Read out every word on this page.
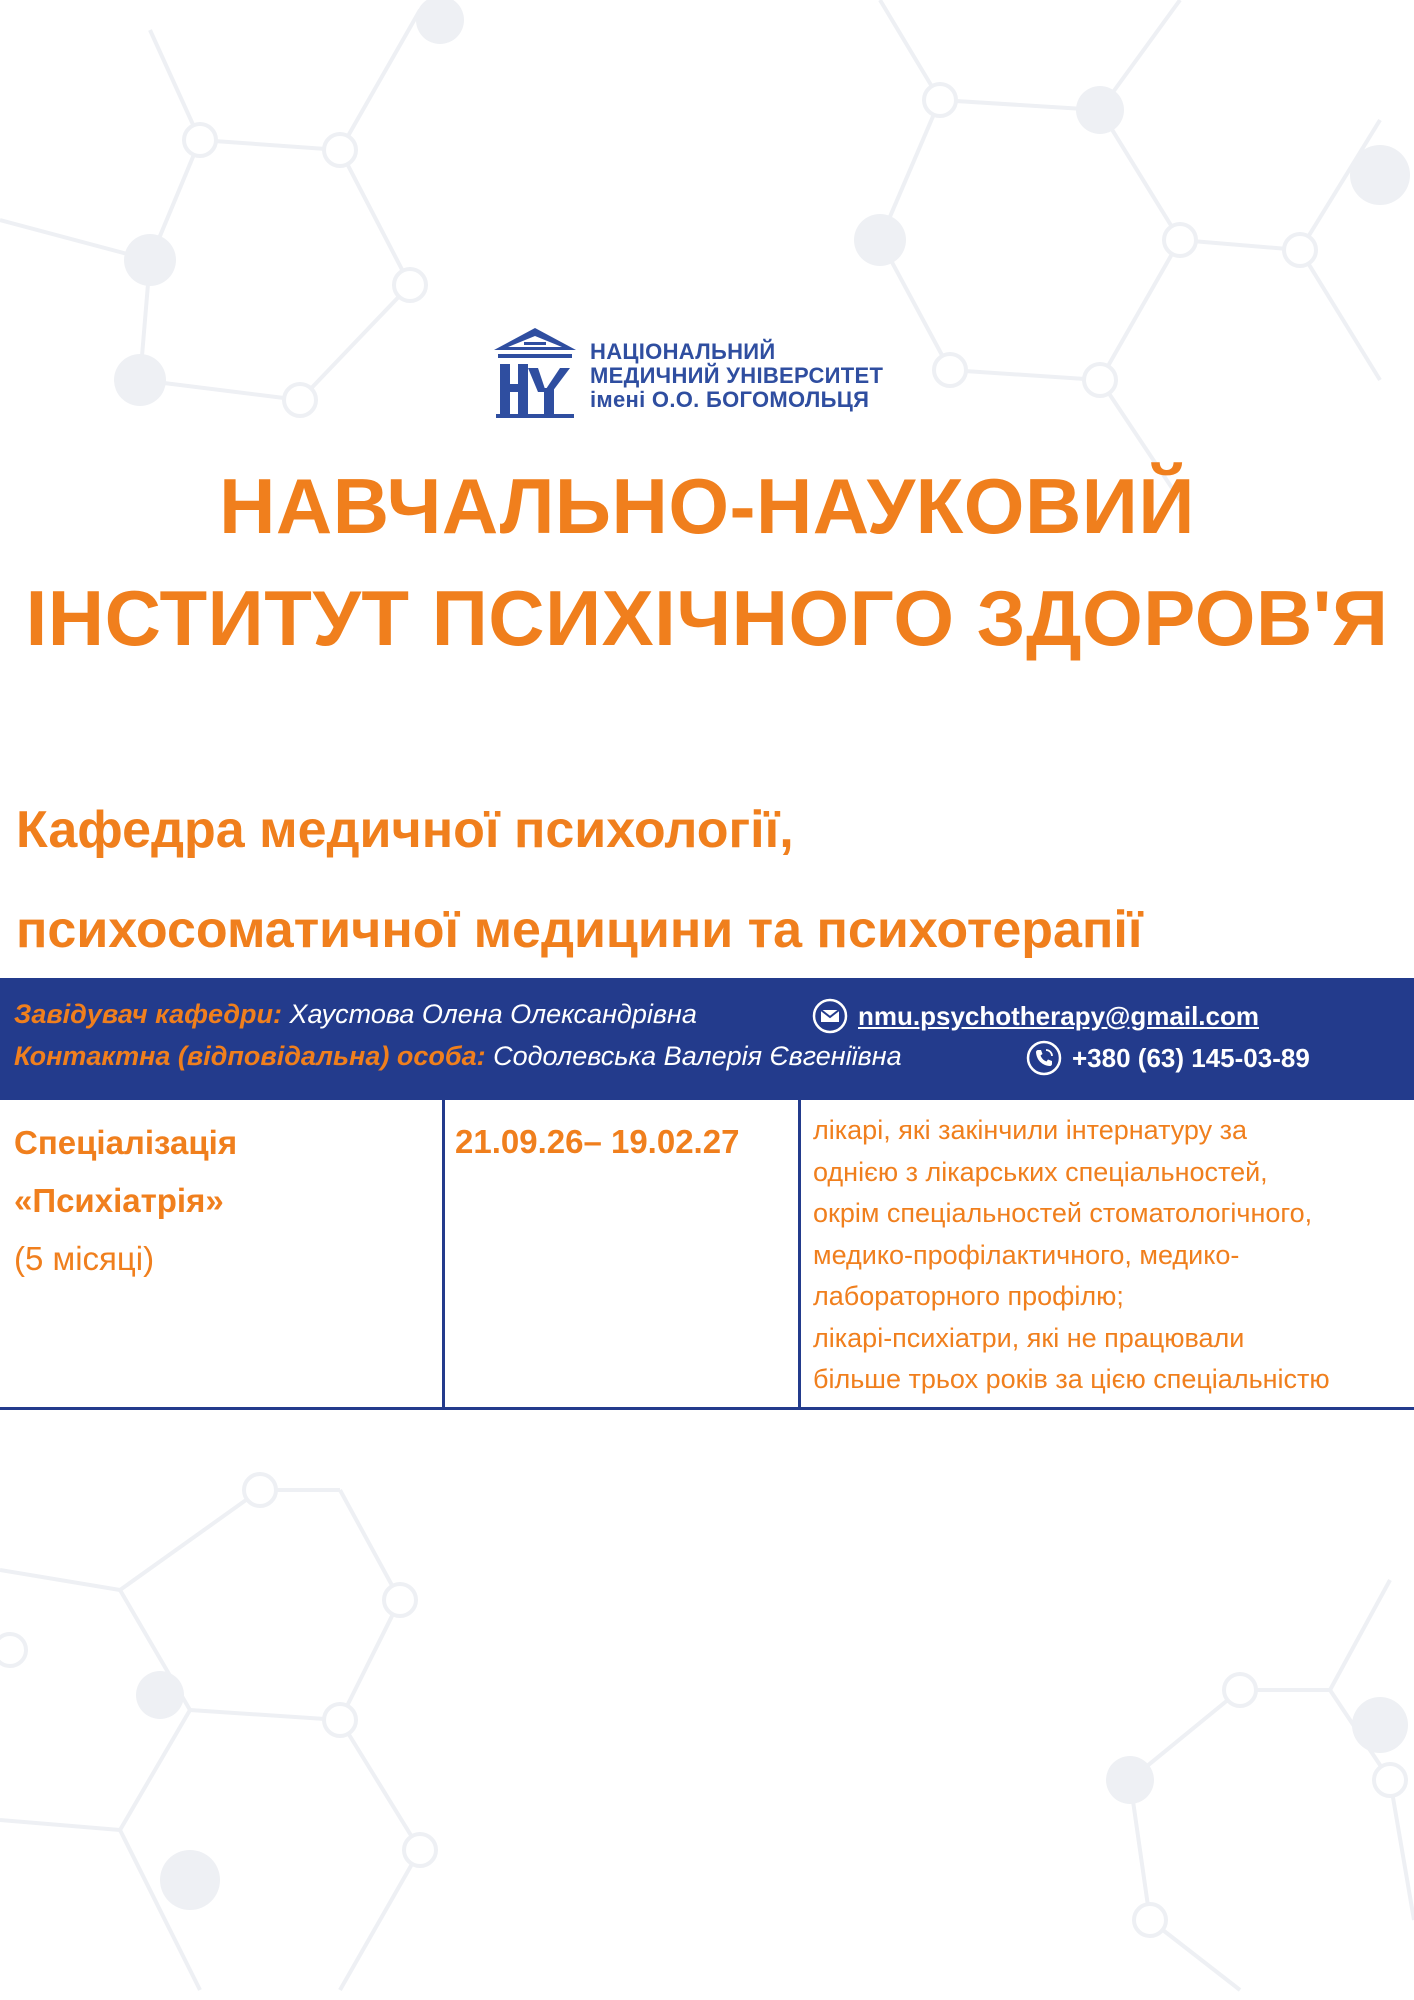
НАЦІОНАЛЬНИЙ
МЕДИЧНИЙ УНІВЕРСИТЕТ
імені О.О. БОГОМОЛЬЦЯ
НАВЧАЛЬНО-НАУКОВИЙ
ІНСТИТУТ ПСИХІЧНОГО ЗДОРОВ'Я
Кафедра медичної психології,
психосоматичної медицини та психотерапії
Завідувач кафедри: Хаустова Олена Олександрівна
Контактна (відповідальна) особа: Содолевська Валерія Євгеніївна
nmu.psychotherapy@gmail.com
+380 (63) 145-03-89
Спеціалізація
«Психіатрія»
(5 місяці)
21.09.26– 19.02.27	лікарі, які закінчили інтернатуру за
однією з лікарських спеціальностей,
окрім спеціальностей стоматологічного,
медико-профілактичного, медико-
лабораторного профілю;
лікарі-психіатри, які не працювали
більше трьох років за цією спеціальністю
